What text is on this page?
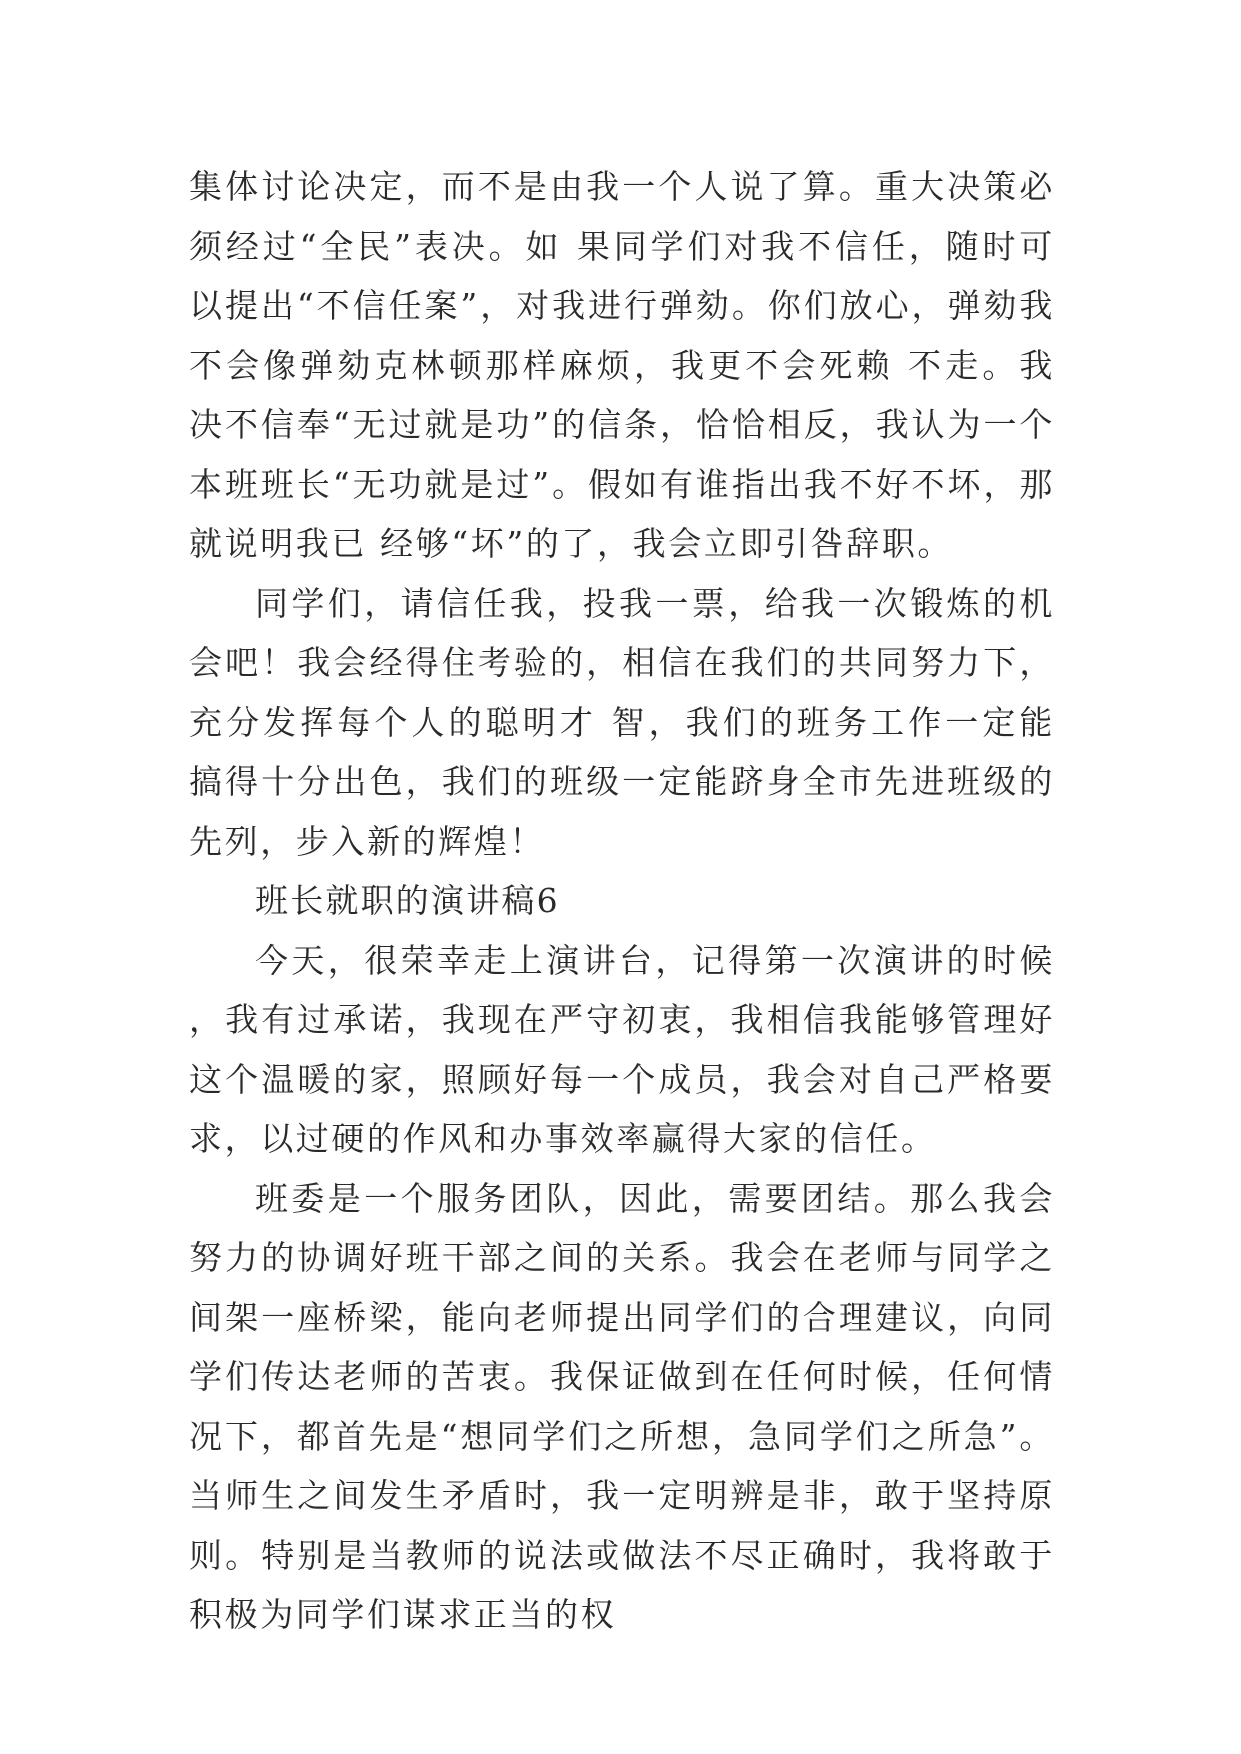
集体讨论决定，而不是由我一个人说了算。重大决策必须经过“全民”表决。如 果同学们对我不信任，随时可以提出“不信任案”，对我进行弹劾。你们放心，弹劾我不会像弹劾克林顿那样麻烦，我更不会死赖 不走。我决不信奉“无过就是功”的信条，恰恰相反，我认为一个本班班长“无功就是过”。假如有谁指出我不好不坏，那就说明我已 经够“坏”的了，我会立即引咎辞职。

同学们，请信任我，投我一票，给我一次锻炼的机会吧！我会经得住考验的，相信在我们的共同努力下，充分发挥每个人的聪明才 智，我们的班务工作一定能搞得十分出色，我们的班级一定能跻身全市先进班级的先列，步入新的辉煌！

班长就职的演讲稿6

今天，很荣幸走上演讲台，记得第一次演讲的时候，我有过承诺，我现在严守初衷，我相信我能够管理好这个温暖的家，照顾好每一个成员，我会对自己严格要求，以过硬的作风和办事效率赢得大家的信任。

班委是一个服务团队，因此，需要团结。那么我会努力的协调好班干部之间的关系。我会在老师与同学之间架一座桥梁，能向老师提出同学们的合理建议，向同学们传达老师的苦衷。我保证做到在任何时候，任何情况下，都首先是“想同学们之所想，急同学们之所急”。当师生之间发生矛盾时，我一定明辨是非，敢于坚持原则。特别是当教师的说法或做法不尽正确时，我将敢于积极为同学们谋求正当的权
